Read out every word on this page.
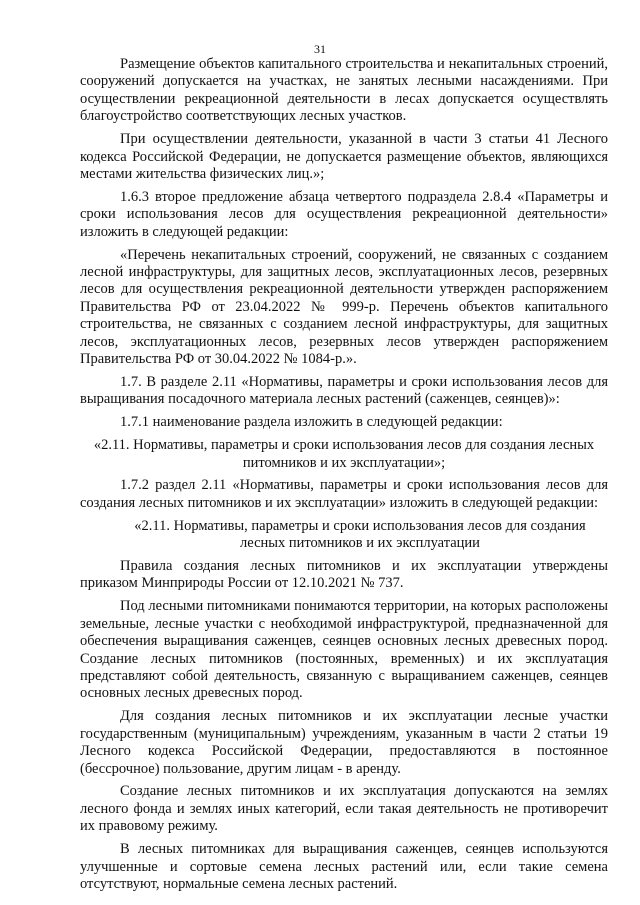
31

Размещение объектов капитального строительства и некапитальных строений, сооружений допускается на участках, не занятых лесными насаждениями. При осуществлении рекреационной деятельности в лесах допускается осуществлять благоустройство соответствующих лесных участков.

При осуществлении деятельности, указанной в части 3 статьи 41 Лесного кодекса Российской Федерации, не допускается размещение объектов, являющихся местами жительства физических лиц.»;

1.6.3 второе предложение абзаца четвертого подраздела 2.8.4 «Параметры и сроки использования лесов для осуществления рекреационной деятельности» изложить в следующей редакции:

«Перечень некапитальных строений, сооружений, не связанных с созданием лесной инфраструктуры, для защитных лесов, эксплуатационных лесов, резервных лесов для осуществления рекреационной деятельности утвержден распоряжением Правительства РФ от 23.04.2022 № 999-р. Перечень объектов капитального строительства, не связанных с созданием лесной инфраструктуры, для защитных лесов, эксплуатационных лесов, резервных лесов утвержден распоряжением Правительства РФ от 30.04.2022 № 1084-р.».

1.7. В разделе 2.11 «Нормативы, параметры и сроки использования лесов для выращивания посадочного материала лесных растений (саженцев, сеянцев)»:

1.7.1 наименование раздела изложить в следующей редакции:

«2.11. Нормативы, параметры и сроки использования лесов для создания лесных питомников и их эксплуатации»;

1.7.2 раздел 2.11 «Нормативы, параметры и сроки использования лесов для создания лесных питомников и их эксплуатации» изложить в следующей редакции:

«2.11. Нормативы, параметры и сроки использования лесов для создания лесных питомников и их эксплуатации

Правила создания лесных питомников и их эксплуатации утверждены приказом Минприроды России от 12.10.2021 № 737.

Под лесными питомниками понимаются территории, на которых расположены земельные, лесные участки с необходимой инфраструктурой, предназначенной для обеспечения выращивания саженцев, сеянцев основных лесных древесных пород. Создание лесных питомников (постоянных, временных) и их эксплуатация представляют собой деятельность, связанную с выращиванием саженцев, сеянцев основных лесных древесных пород.

Для создания лесных питомников и их эксплуатации лесные участки государственным (муниципальным) учреждениям, указанным в части 2 статьи 19 Лесного кодекса Российской Федерации, предоставляются в постоянное (бессрочное) пользование, другим лицам - в аренду.

Создание лесных питомников и их эксплуатация допускаются на землях лесного фонда и землях иных категорий, если такая деятельность не противоречит их правовому режиму.

В лесных питомниках для выращивания саженцев, сеянцев используются улучшенные и сортовые семена лесных растений или, если такие семена отсутствуют, нормальные семена лесных растений.
